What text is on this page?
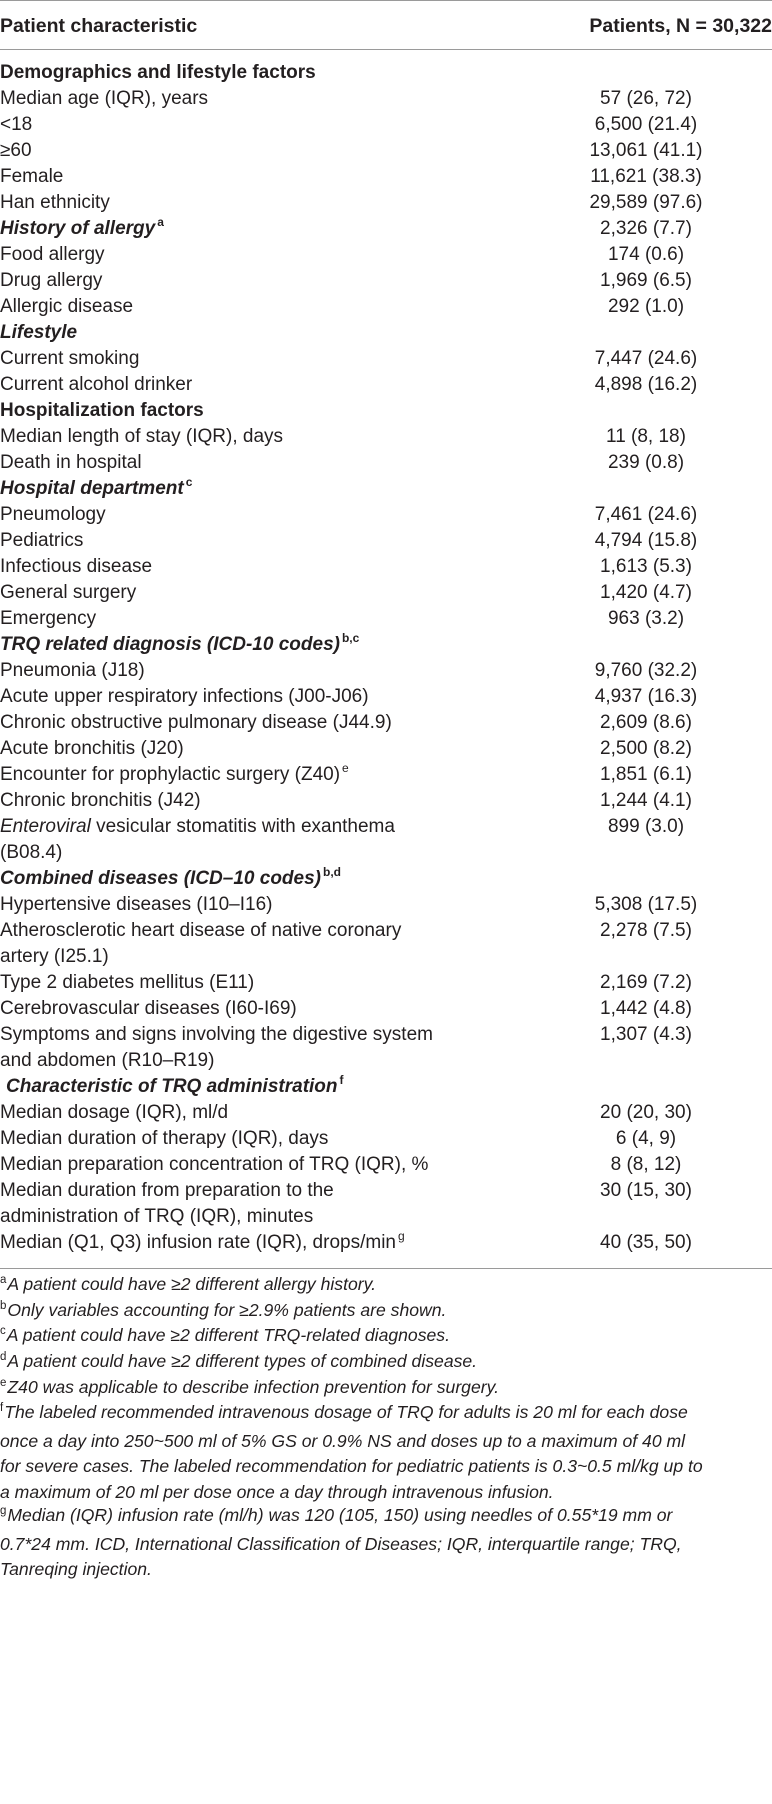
Patient characteristic	Patients, N = 30,322
Demographics and lifestyle factors
Median age (IQR), years	57 (26, 72)
<18	6,500 (21.4)
≥60	13,061 (41.1)
Female	11,621 (38.3)
Han ethnicity	29,589 (97.6)
History of allergy $^a$	2,326 (7.7)
Food allergy	174 (0.6)
Drug allergy	1,969 (6.5)
Allergic disease	292 (1.0)
Lifestyle
Current smoking	7,447 (24.6)
Current alcohol drinker	4,898 (16.2)
Hospitalization factors
Median length of stay (IQR), days	11 (8, 18)
Death in hospital	239 (0.8)
Hospital department $^c$
Pneumology	7,461 (24.6)
Pediatrics	4,794 (15.8)
Infectious disease	1,613 (5.3)
General surgery	1,420 (4.7)
Emergency	963 (3.2)
TRQ related diagnosis (ICD-10 codes) $^{b,c}$
Pneumonia (J18)	9,760 (32.2)
Acute upper respiratory infections (J00-J06)	4,937 (16.3)
Chronic obstructive pulmonary disease (J44.9)	2,609 (8.6)
Acute bronchitis (J20)	2,500 (8.2)
Encounter for prophylactic surgery (Z40) $^e$	1,851 (6.1)
Chronic bronchitis (J42)	1,244 (4.1)
Enteroviral vesicular stomatitis with exanthema	899 (3.0)
(B08.4)
Combined diseases (ICD–10 codes) $^{b,d}$
Hypertensive diseases (I10–I16)	5,308 (17.5)
Atherosclerotic heart disease of native coronary	2,278 (7.5)
artery (I25.1)
Type 2 diabetes mellitus (E11)	2,169 (7.2)
Cerebrovascular diseases (I60-I69)	1,442 (4.8)
Symptoms and signs involving the digestive system	1,307 (4.3)
and abdomen (R10–R19)
Characteristic of TRQ administration $^f$
Median dosage (IQR), ml/d	20 (20, 30)
Median duration of therapy (IQR), days	6 (4, 9)
Median preparation concentration of TRQ (IQR), %	8 (8, 12)
Median duration from preparation to the	30 (15, 30)
administration of TRQ (IQR), minutes
Median (Q1, Q3) infusion rate (IQR), drops/min $^g$	40 (35, 50)
$^a$A patient could have ≥2 different allergy history.
$^b$Only variables accounting for ≥2.9% patients are shown.
$^c$A patient could have ≥2 different TRQ-related diagnoses.
$^d$A patient could have ≥2 different types of combined disease.
$^e$Z40 was applicable to describe infection prevention for surgery.
$^f$The labeled recommended intravenous dosage of TRQ for adults is 20 ml for each dose
once a day into 250~500 ml of 5% GS or 0.9% NS and doses up to a maximum of 40 ml
for severe cases. The labeled recommendation for pediatric patients is 0.3~0.5 ml/kg up to
a maximum of 20 ml per dose once a day through intravenous infusion.
$^g$Median (IQR) infusion rate (ml/h) was 120 (105, 150) using needles of 0.55*19 mm or
0.7*24 mm. ICD, International Classification of Diseases; IQR, interquartile range; TRQ,
Tanreqing injection.
